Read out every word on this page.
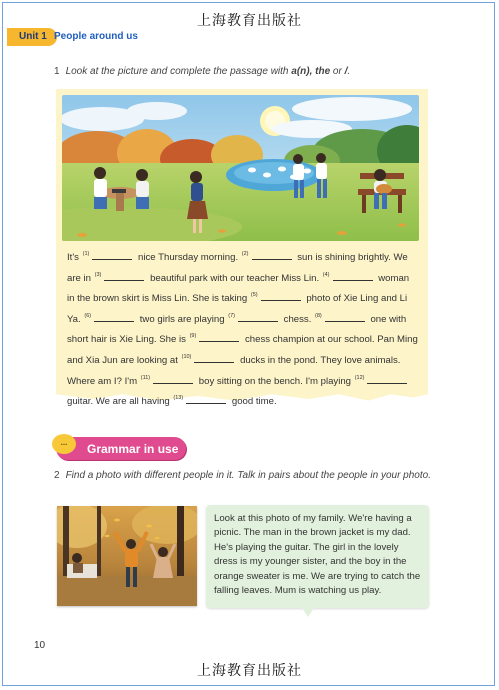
上海教育出版社
Unit 1 People around us
1 Look at the picture and complete the passage with a(n), the or /.
It's $^{(1)}$	nice Thursday morning. $^{(2)}$	sun is shining brightly. We are in $^{(3)}$	beautiful park with our teacher Miss Lin. $^{(4)}$	woman in the brown skirt is Miss Lin. She is taking $^{(5)}$	photo of Xie Ling and Li Ya. $^{(6)}$	two girls are playing $^{(7)}$	chess. $^{(8)}$	one with short hair is Xie Ling. She is $^{(9)}$	chess champion at our school. Pan Ming and Xia Jun are looking at $^{(10)}$	ducks in the pond. They love animals. Where am I? I'm $^{(11)}$	boy sitting on the bench. I'm playing $^{(12)}$ guitar. We are all having $^{(13)}$	good time.
...	Grammar in use
2 Find a photo with different people in it. Talk in pairs about the people in your photo.
Look at this photo of my family. We're having a picnic. The man in the brown jacket is my dad. He's playing the guitar. The girl in the lovely dress is my younger sister, and the boy in the orange sweater is me. We are trying to catch the falling leaves. Mum is watching us play.
10
上海教育出版社
